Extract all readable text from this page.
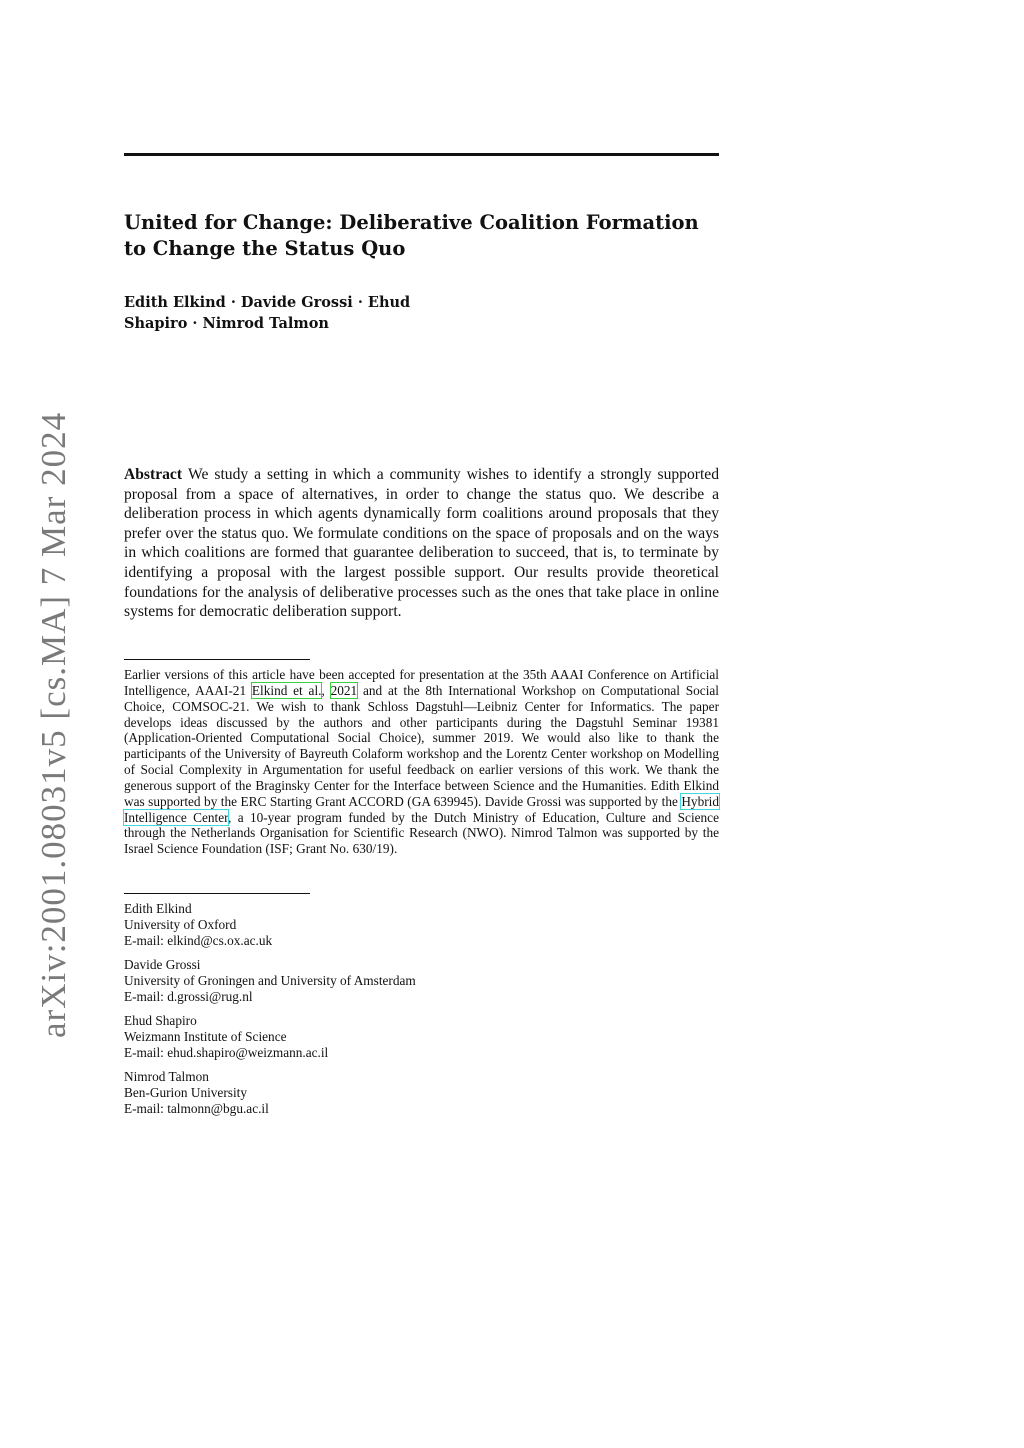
arXiv:2001.08031v5 [cs.MA] 7 Mar 2024
United for Change: Deliberative Coalition Formation to Change the Status Quo
Edith Elkind · Davide Grossi · Ehud Shapiro · Nimrod Talmon
Abstract We study a setting in which a community wishes to identify a strongly supported proposal from a space of alternatives, in order to change the status quo. We describe a deliberation process in which agents dynamically form coalitions around proposals that they prefer over the status quo. We formulate conditions on the space of proposals and on the ways in which coalitions are formed that guarantee deliberation to succeed, that is, to terminate by identifying a proposal with the largest possible support. Our results provide theoretical foundations for the analysis of deliberative processes such as the ones that take place in online systems for democratic deliberation support.
Earlier versions of this article have been accepted for presentation at the 35th AAAI Conference on Artificial Intelligence, AAAI-21 Elkind et al., 2021 and at the 8th International Workshop on Computational Social Choice, COMSOC-21. We wish to thank Schloss Dagstuhl—Leibniz Center for Informatics. The paper develops ideas discussed by the authors and other participants during the Dagstuhl Seminar 19381 (Application-Oriented Computational Social Choice), summer 2019. We would also like to thank the participants of the University of Bayreuth Colaform workshop and the Lorentz Center workshop on Modelling of Social Complexity in Argumentation for useful feedback on earlier versions of this work. We thank the generous support of the Braginsky Center for the Interface between Science and the Humanities. Edith Elkind was supported by the ERC Starting Grant ACCORD (GA 639945). Davide Grossi was supported by the Hybrid Intelligence Center, a 10-year program funded by the Dutch Ministry of Education, Culture and Science through the Netherlands Organisation for Scientific Research (NWO). Nimrod Talmon was supported by the Israel Science Foundation (ISF; Grant No. 630/19).
Edith Elkind
University of Oxford
E-mail: elkind@cs.ox.ac.uk
Davide Grossi
University of Groningen and University of Amsterdam
E-mail: d.grossi@rug.nl
Ehud Shapiro
Weizmann Institute of Science
E-mail: ehud.shapiro@weizmann.ac.il
Nimrod Talmon
Ben-Gurion University
E-mail: talmonn@bgu.ac.il
